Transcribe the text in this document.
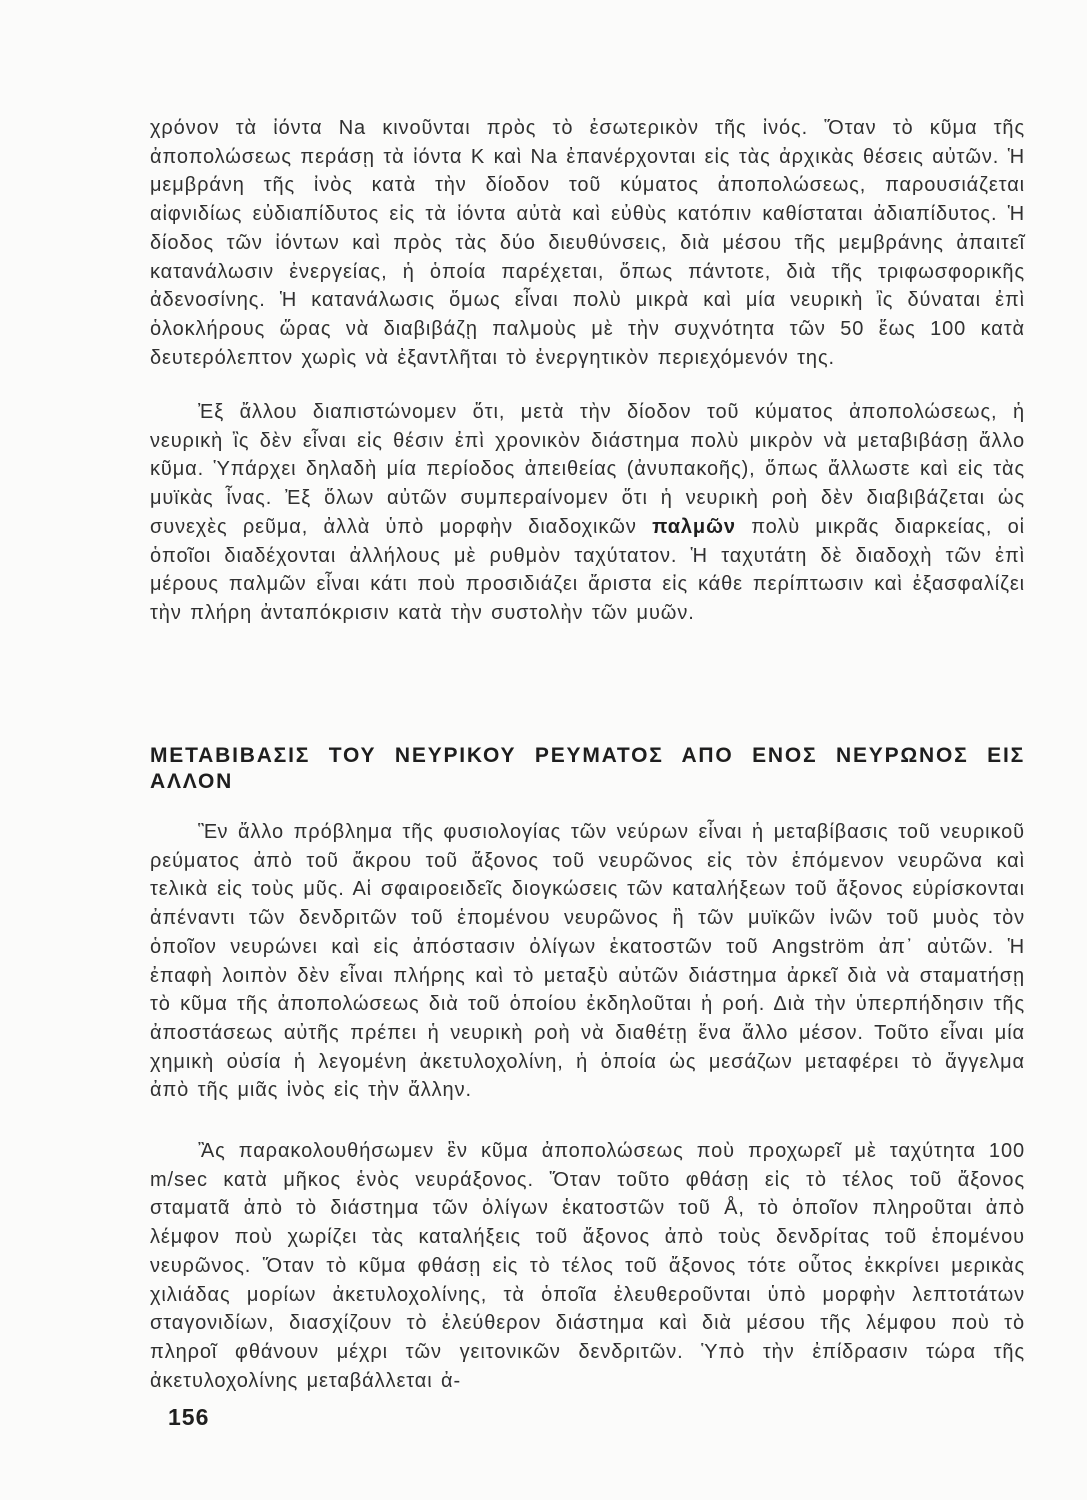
χρόνον τὰ ἰόντα Na κινοῦνται πρὸς τὸ ἐσωτερικὸν τῆς ἰνός. Ὅταν τὸ κῦμα τῆς ἀποπολώσεως περάσῃ τὰ ἰόντα Κ καὶ Na ἐπανέρχονται εἰς τὰς ἀρχικὰς θέσεις αὐτῶν. Ἡ μεμβράνη τῆς ἰνὸς κατὰ τὴν δίοδον τοῦ κύματος ἀποπολώσεως, παρουσιάζεται αἰφνιδίως εὐδιαπίδυτος εἰς τὰ ἰόντα αὐτὰ καὶ εὐθὺς κατόπιν καθίσταται ἀδιαπίδυτος. Ἡ δίοδος τῶν ἰόντων καὶ πρὸς τὰς δύο διευθύνσεις, διὰ μέσου τῆς μεμβράνης ἀπαιτεῖ κατανάλωσιν ἐνεργείας, ἡ ὁποία παρέχεται, ὅπως πάντοτε, διὰ τῆς τριφωσφορικῆς ἀδενοσίνης. Ἡ κατανάλωσις ὅμως εἶναι πολὺ μικρὰ καὶ μία νευρικὴ ἲς δύναται ἐπὶ ὁλοκλήρους ὥρας νὰ διαβιβάζῃ παλμοὺς μὲ τὴν συχνότητα τῶν 50 ἕως 100 κατὰ δευτερόλεπτον χωρὶς νὰ ἐξαντλῆται τὸ ἐνεργητικὸν περιεχόμενόν της.

Ἐξ ἄλλου διαπιστώνομεν ὅτι, μετὰ τὴν δίοδον τοῦ κύματος ἀποπολώσεως, ἡ νευρικὴ ἲς δὲν εἶναι εἰς θέσιν ἐπὶ χρονικὸν διάστημα πολὺ μικρὸν νὰ μεταβιβάσῃ ἄλλο κῦμα. Ὑπάρχει δηλαδὴ μία περίοδος ἀπειθείας (ἀνυπακοῆς), ὅπως ἄλλωστε καὶ εἰς τὰς μυϊκὰς ἶνας. Ἐξ ὅλων αὐτῶν συμπεραίνομεν ὅτι ἡ νευρικὴ ροὴ δὲν διαβιβάζεται ὡς συνεχὲς ρεῦμα, ἀλλὰ ὑπὸ μορφὴν διαδοχικῶν παλμῶν πολὺ μικρᾶς διαρκείας, οἱ ὁποῖοι διαδέχονται ἀλλήλους μὲ ρυθμὸν ταχύτατον. Ἡ ταχυτάτη δὲ διαδοχὴ τῶν ἐπὶ μέρους παλμῶν εἶναι κάτι ποὺ προσιδιάζει ἄριστα εἰς κάθε περίπτωσιν καὶ ἐξασφαλίζει τὴν πλήρη ἀνταπόκρισιν κατὰ τὴν συστολὴν τῶν μυῶν.

ΜΕΤΑΒΙΒΑΣΙΣ ΤΟΥ ΝΕΥΡΙΚΟΥ ΡΕΥΜΑΤΟΣ ΑΠΟ ΕΝΟΣ ΝΕΥΡΩΝΟΣ ΕΙΣ ΑΛΛΟΝ

Ἓν ἄλλο πρόβλημα τῆς φυσιολογίας τῶν νεύρων εἶναι ἡ μεταβίβασις τοῦ νευρικοῦ ρεύματος ἀπὸ τοῦ ἄκρου τοῦ ἄξονος τοῦ νευρῶνος εἰς τὸν ἑπόμενον νευρῶνα καὶ τελικὰ εἰς τοὺς μῦς. Αἱ σφαιροειδεῖς διογκώσεις τῶν καταλήξεων τοῦ ἄξονος εὑρίσκονται ἀπέναντι τῶν δενδριτῶν τοῦ ἑπομένου νευρῶνος ἢ τῶν μυϊκῶν ἰνῶν τοῦ μυὸς τὸν ὁποῖον νευρώνει καὶ εἰς ἀπόστασιν ὀλίγων ἑκατοστῶν τοῦ Angström ἀπ᾿ αὐτῶν. Ἡ ἐπαφὴ λοιπὸν δὲν εἶναι πλήρης καὶ τὸ μεταξὺ αὐτῶν διάστημα ἀρκεῖ διὰ νὰ σταματήσῃ τὸ κῦμα τῆς ἀποπολώσεως διὰ τοῦ ὁποίου ἐκδηλοῦται ἡ ροή. Διὰ τὴν ὑπερπήδησιν τῆς ἀποστάσεως αὐτῆς πρέπει ἡ νευρικὴ ροὴ νὰ διαθέτῃ ἕνα ἄλλο μέσον. Τοῦτο εἶναι μία χημικὴ οὐσία ἡ λεγομένη ἀκετυλοχολίνη, ἡ ὁποία ὡς μεσάζων μεταφέρει τὸ ἄγγελμα ἀπὸ τῆς μιᾶς ἰνὸς εἰς τὴν ἄλλην.

Ἂς παρακολουθήσωμεν ἓν κῦμα ἀποπολώσεως ποὺ προχωρεῖ μὲ ταχύτητα 100 m/sec κατὰ μῆκος ἑνὸς νευράξονος. Ὅταν τοῦτο φθάσῃ εἰς τὸ τέλος τοῦ ἄξονος σταματᾶ ἀπὸ τὸ διάστημα τῶν ὀλίγων ἑκατοστῶν τοῦ Å, τὸ ὁποῖον πληροῦται ἀπὸ λέμφον ποὺ χωρίζει τὰς καταλήξεις τοῦ ἄξονος ἀπὸ τοὺς δενδρίτας τοῦ ἑπομένου νευρῶνος. Ὅταν τὸ κῦμα φθάσῃ εἰς τὸ τέλος τοῦ ἄξονος τότε οὗτος ἐκκρίνει μερικὰς χιλιάδας μορίων ἀκετυλοχολίνης, τὰ ὁποῖα ἐλευθεροῦνται ὑπὸ μορφὴν λεπτοτάτων σταγονιδίων, διασχίζουν τὸ ἐλεύθερον διάστημα καὶ διὰ μέσου τῆς λέμφου ποὺ τὸ πληροῖ φθάνουν μέχρι τῶν γειτονικῶν δενδριτῶν. Ὑπὸ τὴν ἐπίδρασιν τώρα τῆς ἀκετυλοχολίνης μεταβάλλεται ἀ-

156
